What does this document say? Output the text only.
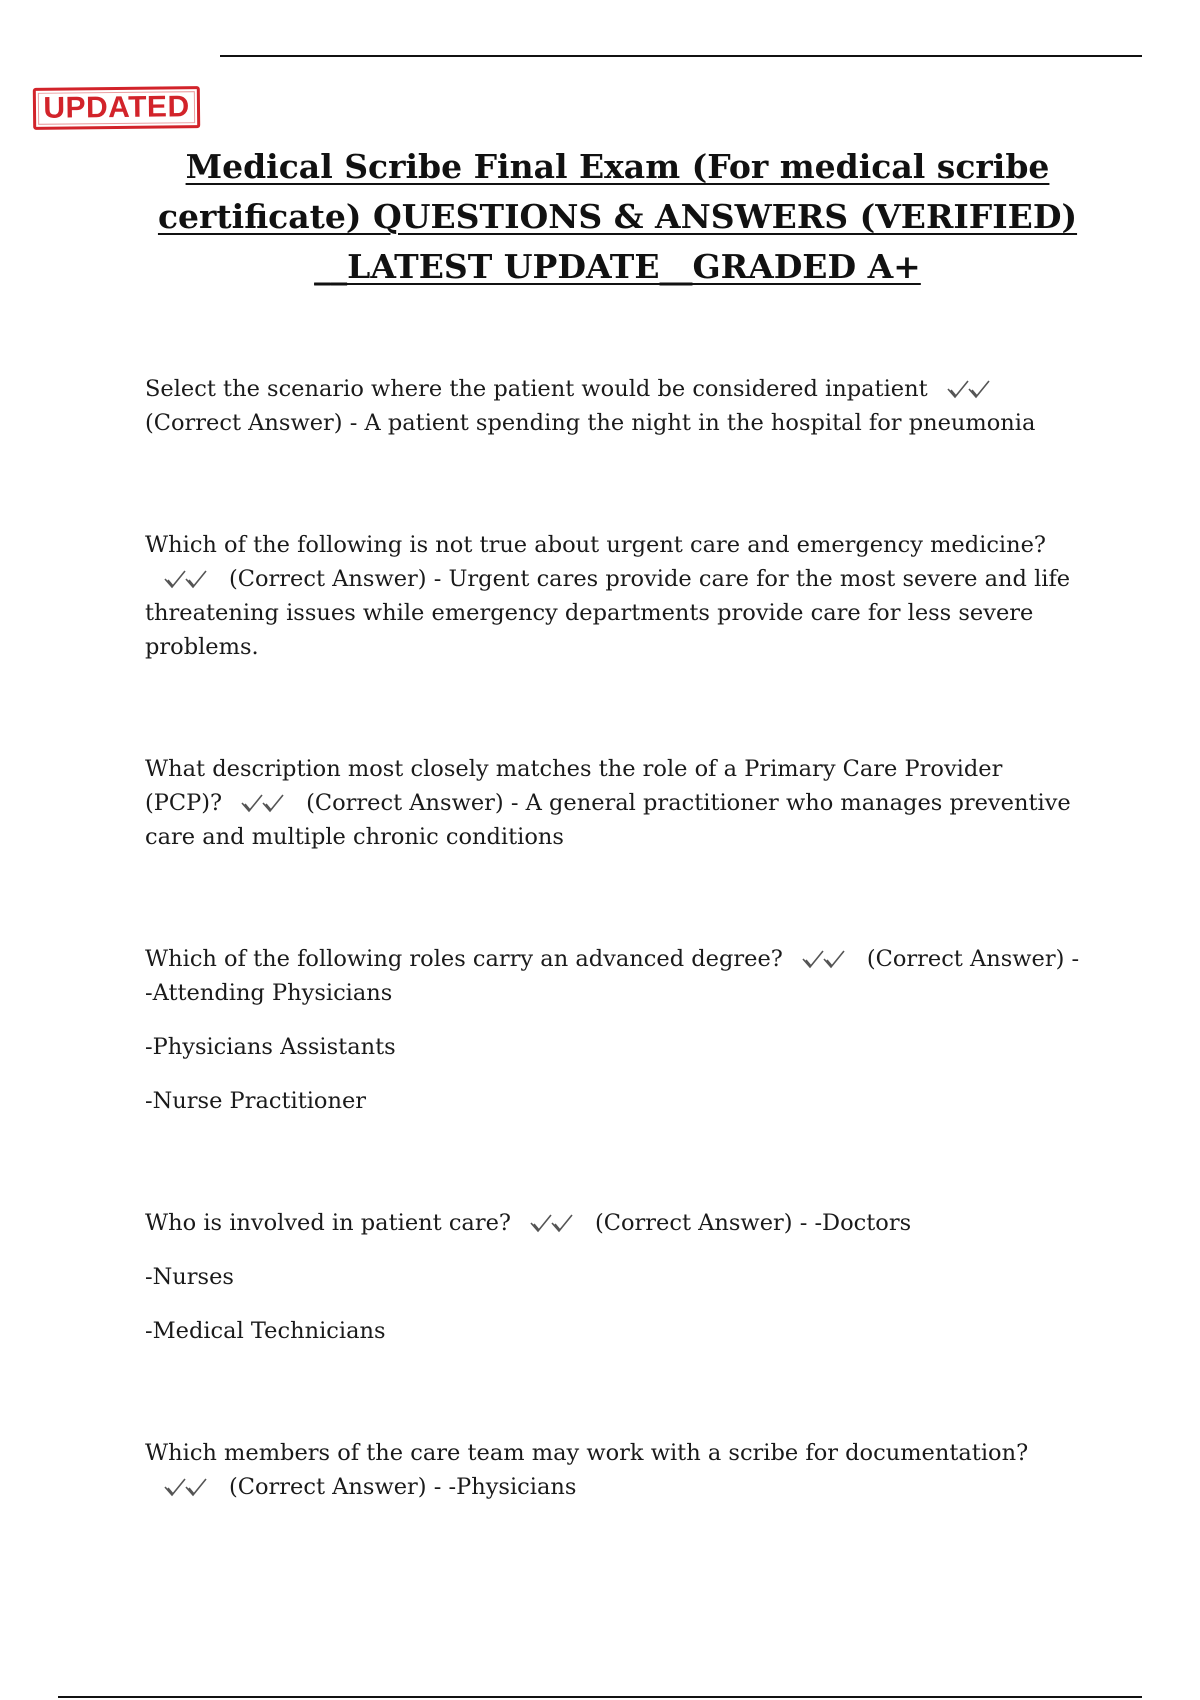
UPDATED
Medical Scribe Final Exam (For medical scribe certificate) QUESTIONS & ANSWERS (VERIFIED) __LATEST UPDATE__GRADED A+

Select the scenario where the patient would be considered inpatient(Correct Answer) - A patient spending the night in the hospital for pneumonia

Which of the following is not true about urgent care and emergency medicine?(Correct Answer) - Urgent cares provide care for the most severe and life threatening issues while emergency departments provide care for less severe problems.

What description most closely matches the role of a Primary Care Provider (PCP)?	(Correct Answer) - A general practitioner who manages preventive care and multiple chronic conditions

Which of the following roles carry an advanced degree?	(Correct Answer) - -Attending Physicians

-Physicians Assistants

-Nurse Practitioner

Who is involved in patient care?	(Correct Answer) - -Doctors

-Nurses

-Medical Technicians

Which members of the care team may work with a scribe for documentation?(Correct Answer) - -Physicians
